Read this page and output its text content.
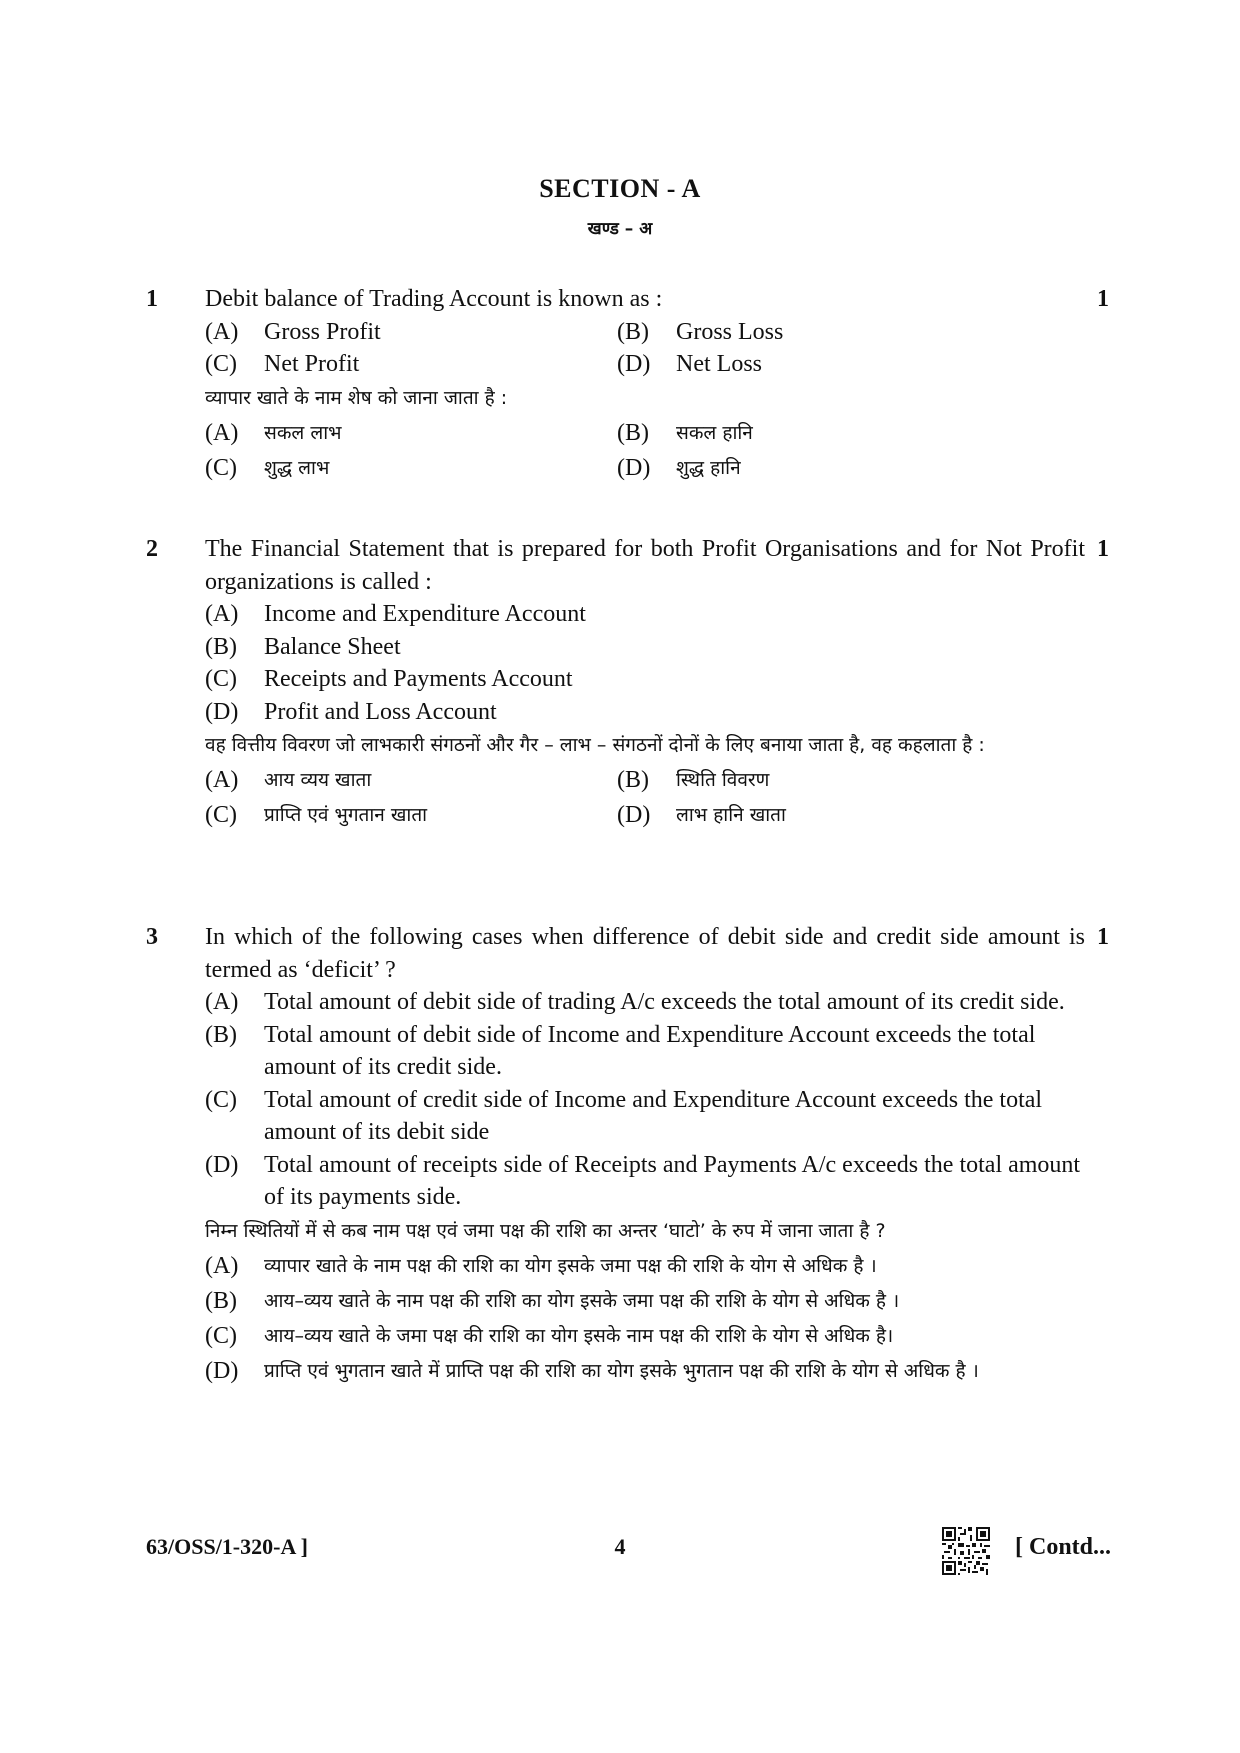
SECTION - A
खण्ड – अ
1	1
Debit balance of Trading Account is known as :
(A)	Gross Profit	(B)	Gross Loss
(C)	Net Profit	(D)	Net Loss
व्यापार खाते के नाम शेष को जाना जाता है :
(A)	सकल लाभ	(B)	सकल हानि
(C)	शुद्ध लाभ	(D)	शुद्ध हानि
2	1
The Financial Statement that is prepared for both Profit Organisations and for Not Profit organizations is called :
(A)	Income and Expenditure Account
(B)	Balance Sheet
(C)	Receipts and Payments Account
(D)	Profit and Loss Account
वह वित्तीय विवरण जो लाभकारी संगठनों और गैर – लाभ – संगठनों दोनों के लिए बनाया जाता है, वह कहलाता है :
(A)	आय व्यय खाता	(B)	स्थिति विवरण
(C)	प्राप्ति एवं भुगतान खाता	(D)	लाभ हानि खाता
3	1
In which of the following cases when difference of debit side and credit side amount is termed as ‘deficit’ ?
(A)	Total amount of debit side of trading A/c exceeds the total amount of its credit side.
(B)	Total amount of debit side of Income and Expenditure Account exceeds the total amount of its credit side.
(C)	Total amount of credit side of Income and Expenditure Account exceeds the total amount of its debit side
(D)	Total amount of receipts side of Receipts and Payments A/c exceeds the total amount of its payments side.
निम्न स्थितियों में से कब नाम पक्ष एवं जमा पक्ष की राशि का अन्तर ‘घाटो’ के रुप में जाना जाता है ?
(A)	व्यापार खाते के नाम पक्ष की राशि का योग इसके जमा पक्ष की राशि के योग से अधिक है ।
(B)	आय–व्यय खाते के नाम पक्ष की राशि का योग इसके जमा पक्ष की राशि के योग से अधिक है ।
(C)	आय–व्यय खाते के जमा पक्ष की राशि का योग इसके नाम पक्ष की राशि के योग से अधिक है।
(D)	प्राप्ति एवं भुगतान खाते में प्राप्ति पक्ष की राशि का योग इसके भुगतान पक्ष की राशि के योग से अधिक है ।
63/OSS/1-320-A ]	4	[ Contd...
